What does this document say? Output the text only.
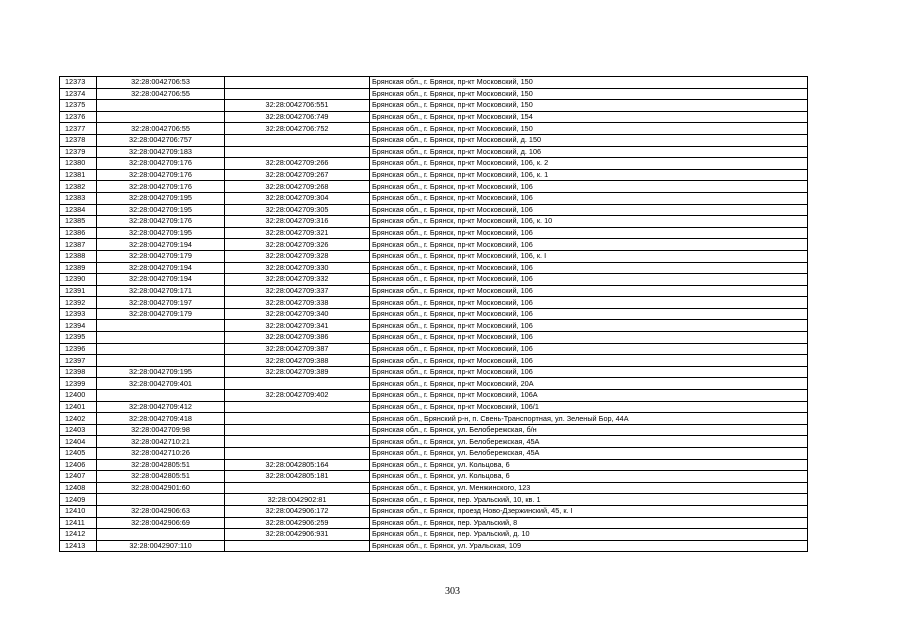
12373	32:28:0042706:53		Брянская обл., г. Брянск, пр-кт Московский, 150
12374	32:28:0042706:55		Брянская обл., г. Брянск, пр-кт Московский, 150
12375		32:28:0042706:551	Брянская обл., г. Брянск, пр-кт Московский, 150
12376		32:28:0042706:749	Брянская обл., г. Брянск, пр-кт Московский, 154
12377	32:28:0042706:55	32:28:0042706:752	Брянская обл., г. Брянск, пр-кт Московский, 150
12378	32:28:0042706:757		Брянская обл., г. Брянск, пр-кт Московский, д. 150
12379	32:28:0042709:183		Брянская обл., г. Брянск, пр-кт Московский, д. 106
12380	32:28:0042709:176	32:28:0042709:266	Брянская обл., г. Брянск, пр-кт Московский, 106, к. 2
12381	32:28:0042709:176	32:28:0042709:267	Брянская обл., г. Брянск, пр-кт Московский, 106, к. 1
12382	32:28:0042709:176	32:28:0042709:268	Брянская обл., г. Брянск, пр-кт Московский, 106
12383	32:28:0042709:195	32:28:0042709:304	Брянская обл., г. Брянск, пр-кт Московский, 106
12384	32:28:0042709:195	32:28:0042709:305	Брянская обл., г. Брянск, пр-кт Московский, 106
12385	32:28:0042709:176	32:28:0042709:316	Брянская обл., г. Брянск, пр-кт Московский, 106, к. 10
12386	32:28:0042709:195	32:28:0042709:321	Брянская обл., г. Брянск, пр-кт Московский, 106
12387	32:28:0042709:194	32:28:0042709:326	Брянская обл., г. Брянск, пр-кт Московский, 106
12388	32:28:0042709:179	32:28:0042709:328	Брянская обл., г. Брянск, пр-кт Московский, 106, к. I
12389	32:28:0042709:194	32:28:0042709:330	Брянская обл., г. Брянск, пр-кт Московский, 106
12390	32:28:0042709:194	32:28:0042709:332	Брянская обл., г. Брянск, пр-кт Московский, 106
12391	32:28:0042709:171	32:28:0042709:337	Брянская обл., г. Брянск, пр-кт Московский, 106
12392	32:28:0042709:197	32:28:0042709:338	Брянская обл., г. Брянск, пр-кт Московский, 106
12393	32:28:0042709:179	32:28:0042709:340	Брянская обл., г. Брянск, пр-кт Московский, 106
12394		32:28:0042709:341	Брянская обл., г. Брянск, пр-кт Московский, 106
12395		32:28:0042709:386	Брянская обл., г. Брянск, пр-кт Московский, 106
12396		32:28:0042709:387	Брянская обл., г. Брянск, пр-кт Московский, 106
12397		32:28:0042709:388	Брянская обл., г. Брянск, пр-кт Московский, 106
12398	32:28:0042709:195	32:28:0042709:389	Брянская обл., г. Брянск, пр-кт Московский, 106
12399	32:28:0042709:401		Брянская обл., г. Брянск, пр-кт Московский, 20А
12400		32:28:0042709:402	Брянская обл., г. Брянск, пр-кт Московский, 106А
12401	32:28:0042709:412		Брянская обл., г. Брянск, пр-кт Московский, 106/1
12402	32:28:0042709:418		Брянская обл., Брянский р-н, п. Свень-Транспортная, ул. Зеленый Бор, 44А
12403	32:28:0042709:98		Брянская обл., г. Брянск, ул. Белобережская, б/н
12404	32:28:0042710:21		Брянская обл., г. Брянск, ул. Белобережская, 45А
12405	32:28:0042710:26		Брянская обл., г. Брянск, ул. Белобережская, 45А
12406	32:28:0042805:51	32:28:0042805:164	Брянская обл., г. Брянск, ул. Кольцова, 6
12407	32:28:0042805:51	32:28:0042805:181	Брянская обл., г. Брянск, ул. Кольцова, 6
12408	32:28:0042901:60		Брянская обл., г. Брянск, ул. Менжинского, 123
12409		32:28:0042902:81	Брянская обл., г. Брянск, пер. Уральский, 10, кв. 1
12410	32:28:0042906:63	32:28:0042906:172	Брянская обл., г. Брянск, проезд Ново-Дзержинский, 45, к. I
12411	32:28:0042906:69	32:28:0042906:259	Брянская обл., г. Брянск, пер. Уральский, 8
12412		32:28:0042906:931	Брянская обл., г. Брянск, пер. Уральский, д. 10
12413	32:28:0042907:110		Брянская обл., г. Брянск, ул. Уральская, 109
303
